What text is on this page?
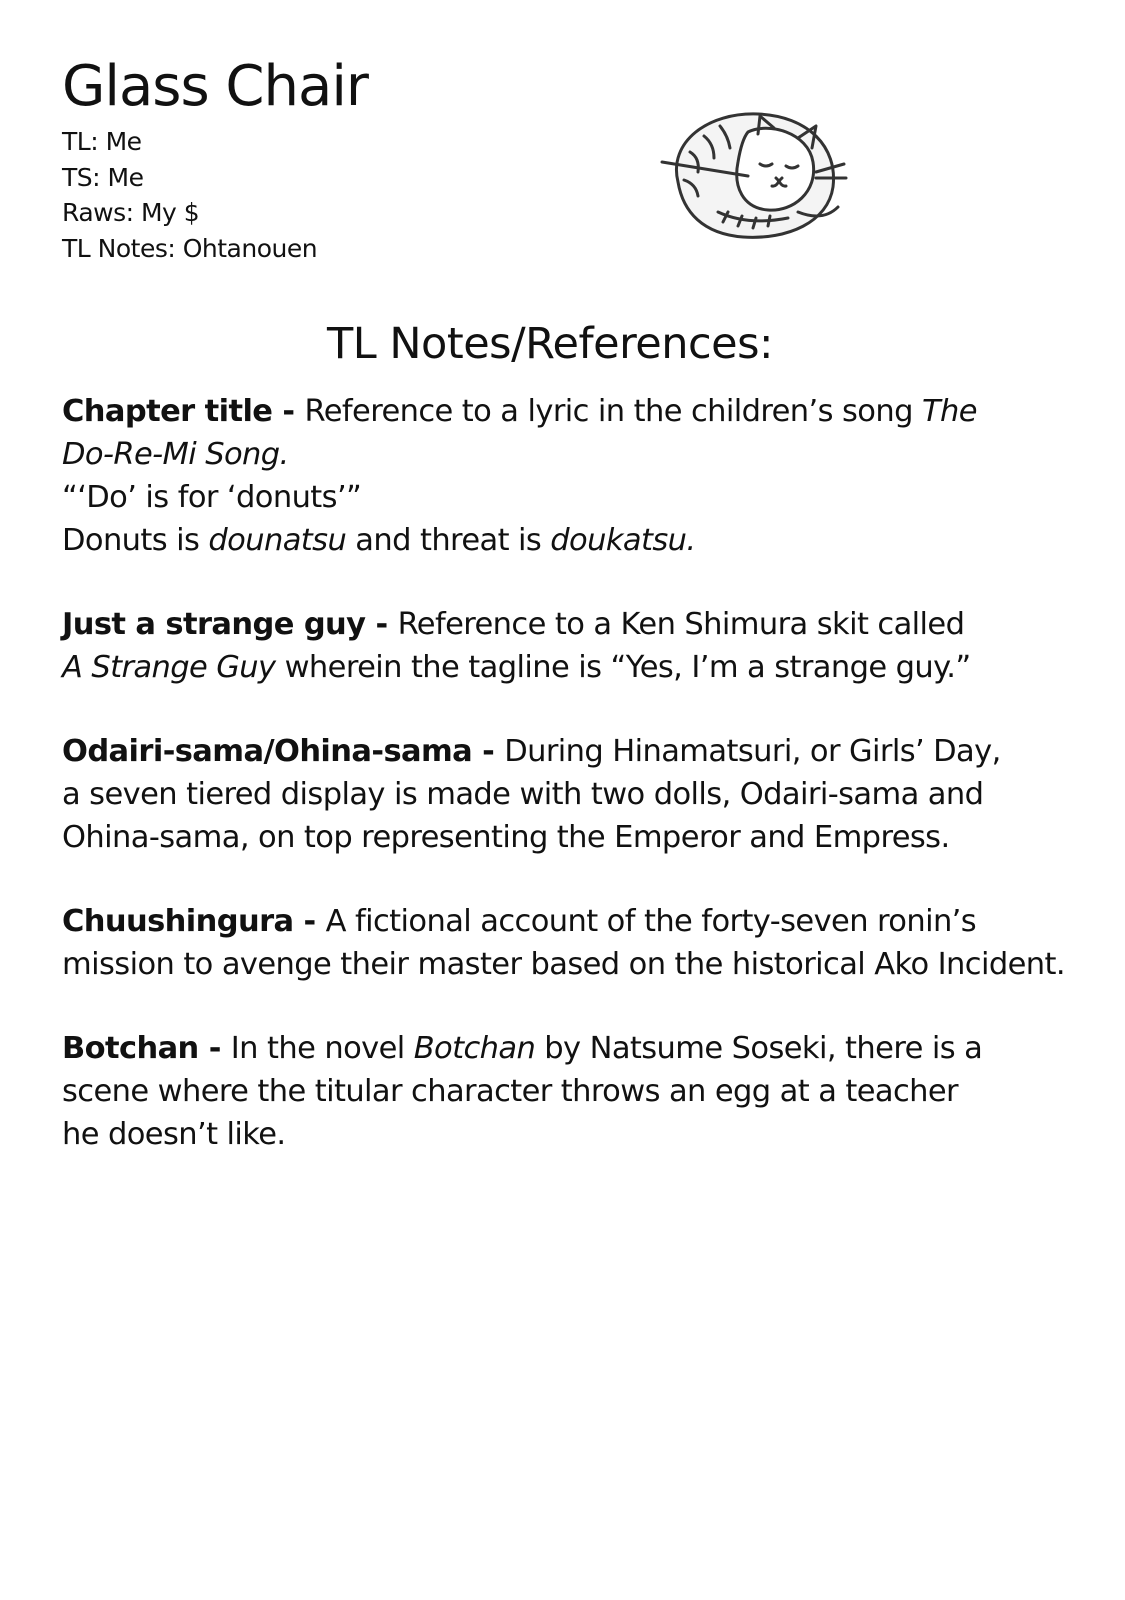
Glass Chair
TL: Me
TS: Me
Raws: My $
TL Notes: Ohtanouen
TL Notes/References:
Chapter title - Reference to a lyric in the children’s song The
Do-Re-Mi Song.
“‘Do’ is for ‘donuts’”
Donuts is dounatsu and threat is doukatsu.
Just a strange guy - Reference to a Ken Shimura skit called
A Strange Guy wherein the tagline is “Yes, I’m a strange guy.”
Odairi-sama/Ohina-sama - During Hinamatsuri, or Girls’ Day,
a seven tiered display is made with two dolls, Odairi-sama and
Ohina-sama, on top representing the Emperor and Empress.
Chuushingura - A fictional account of the forty-seven ronin’s
mission to avenge their master based on the historical Ako Incident.
Botchan - In the novel Botchan by Natsume Soseki, there is a
scene where the titular character throws an egg at a teacher
he doesn’t like.
